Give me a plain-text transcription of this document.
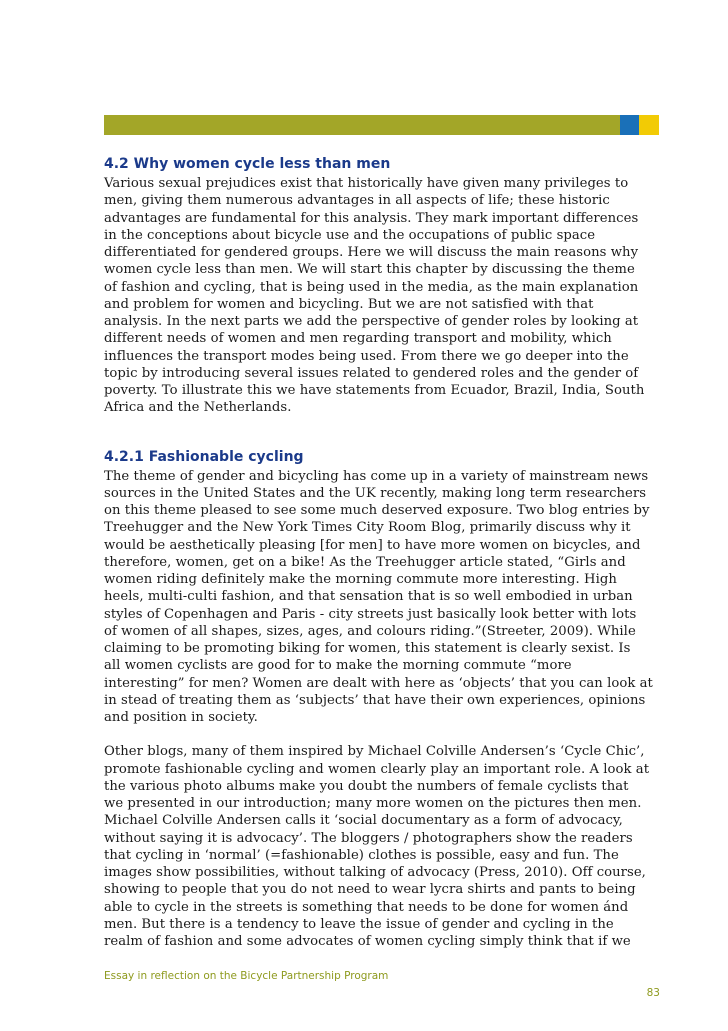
4.2 Why women cycle less than men
Various sexual prejudices exist that historically have given many privileges to
men, giving them numerous advantages in all aspects of life; these historic
advantages are fundamental for this analysis. They mark important differences
in the conceptions about bicycle use and the occupations of public space
differentiated for gendered groups. Here we will discuss the main reasons why
women cycle less than men. We will start this chapter by discussing the theme
of fashion and cycling, that is being used in the media, as the main explanation
and problem for women and bicycling. But we are not satisfied with that
analysis. In the next parts we add the perspective of gender roles by looking at
different needs of women and men regarding transport and mobility, which
influences the transport modes being used. From there we go deeper into the
topic by introducing several issues related to gendered roles and the gender of
poverty. To illustrate this we have statements from Ecuador, Brazil, India, South
Africa and the Netherlands.
4.2.1 Fashionable cycling
The theme of gender and bicycling has come up in a variety of mainstream news
sources in the United States and the UK recently, making long term researchers
on this theme pleased to see some much deserved exposure. Two blog entries by
Treehugger and the New York Times City Room Blog, primarily discuss why it
would be aesthetically pleasing [for men] to have more women on bicycles, and
therefore, women, get on a bike! As the Treehugger article stated, “Girls and
women riding definitely make the morning commute more interesting. High
heels, multi-culti fashion, and that sensation that is so well embodied in urban
styles of Copenhagen and Paris - city streets just basically look better with lots
of women of all shapes, sizes, ages, and colours riding.”(Streeter, 2009). While
claiming to be promoting biking for women, this statement is clearly sexist. Is
all women cyclists are good for to make the morning commute “more
interesting” for men? Women are dealt with here as ‘objects’ that you can look at
in stead of treating them as ‘subjects’ that have their own experiences, opinions
and position in society.
Other blogs, many of them inspired by Michael Colville Andersen’s ‘Cycle Chic’,
promote fashionable cycling and women clearly play an important role. A look at
the various photo albums make you doubt the numbers of female cyclists that
we presented in our introduction; many more women on the pictures then men.
Michael Colville Andersen calls it ‘social documentary as a form of advocacy,
without saying it is advocacy’. The bloggers / photographers show the readers
that cycling in ‘normal’ (=fashionable) clothes is possible, easy and fun. The
images show possibilities, without talking of advocacy (Press, 2010). Off course,
showing to people that you do not need to wear lycra shirts and pants to being
able to cycle in the streets is something that needs to be done for women ánd
men. But there is a tendency to leave the issue of gender and cycling in the
realm of fashion and some advocates of women cycling simply think that if we
Essay in reflection on the Bicycle Partnership Program
83
